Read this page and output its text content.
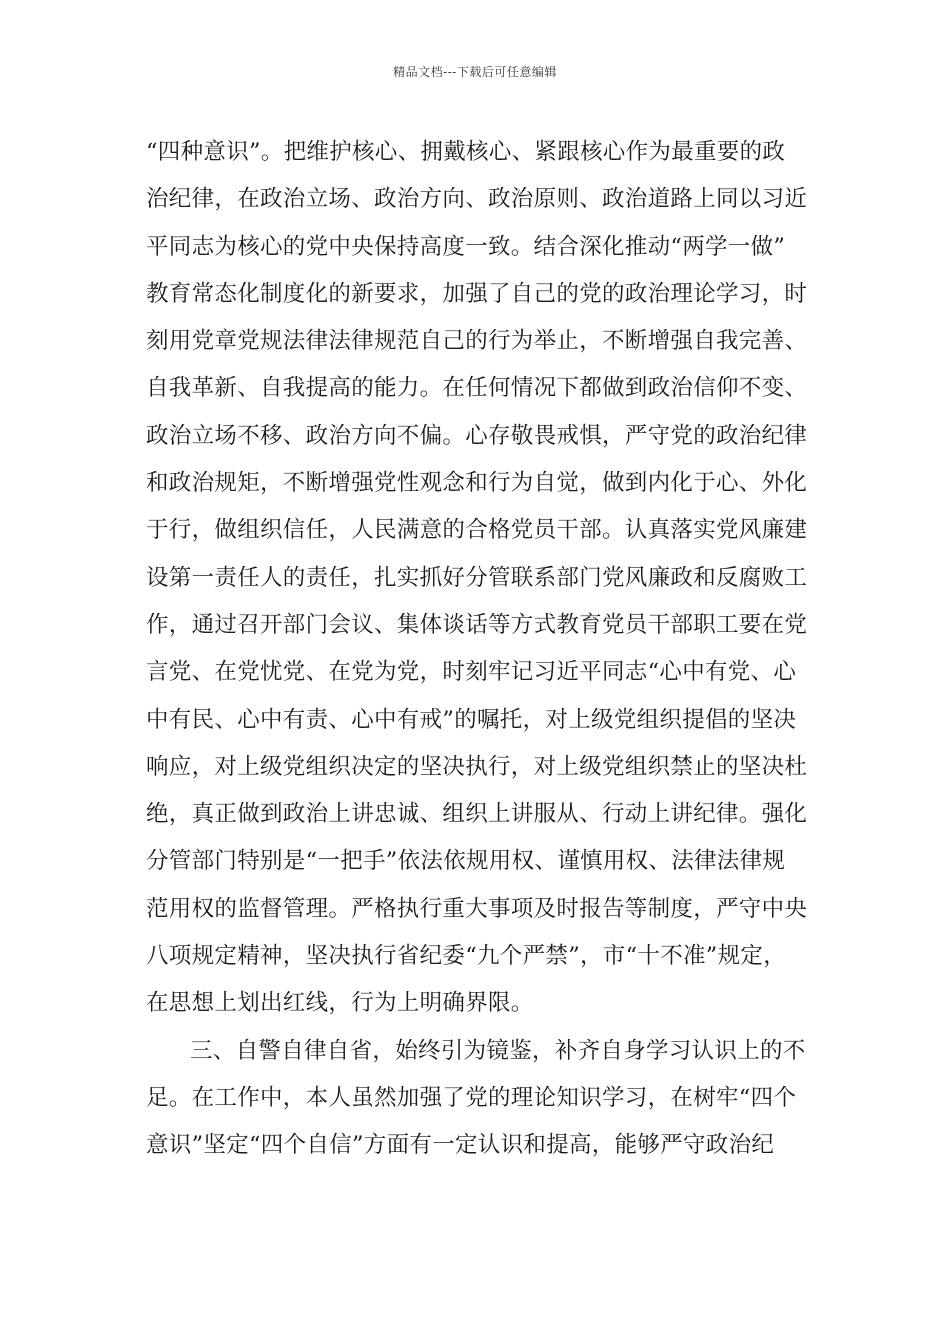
精品文档---下载后可任意编辑
“四种意识”。把维护核心、拥戴核心、紧跟核心作为最重要的政
治纪律，在政治立场、政治方向、政治原则、政治道路上同以习近
平同志为核心的党中央保持高度一致。结合深化推动“两学一做”
教育常态化制度化的新要求，加强了自己的党的政治理论学习，时
刻用党章党规法律法律规范自己的行为举止，不断增强自我完善、
自我革新、自我提高的能力。在任何情况下都做到政治信仰不变、
政治立场不移、政治方向不偏。心存敬畏戒惧，严守党的政治纪律
和政治规矩，不断增强党性观念和行为自觉，做到内化于心、外化
于行，做组织信任，人民满意的合格党员干部。认真落实党风廉建
设第一责任人的责任，扎实抓好分管联系部门党风廉政和反腐败工
作，通过召开部门会议、集体谈话等方式教育党员干部职工要在党
言党、在党忧党、在党为党，时刻牢记习近平同志“心中有党、心
中有民、心中有责、心中有戒”的嘱托，对上级党组织提倡的坚决
响应，对上级党组织决定的坚决执行，对上级党组织禁止的坚决杜
绝，真正做到政治上讲忠诚、组织上讲服从、行动上讲纪律。强化
分管部门特别是“一把手”依法依规用权、谨慎用权、法律法律规
范用权的监督管理。严格执行重大事项及时报告等制度，严守中央
八项规定精神，坚决执行省纪委“九个严禁”，市“十不准”规定，
在思想上划出红线，行为上明确界限。
三、自警自律自省，始终引为镜鉴，补齐自身学习认识上的不
足。在工作中，本人虽然加强了党的理论知识学习，在树牢“四个
意识”坚定“四个自信”方面有一定认识和提高，能够严守政治纪
